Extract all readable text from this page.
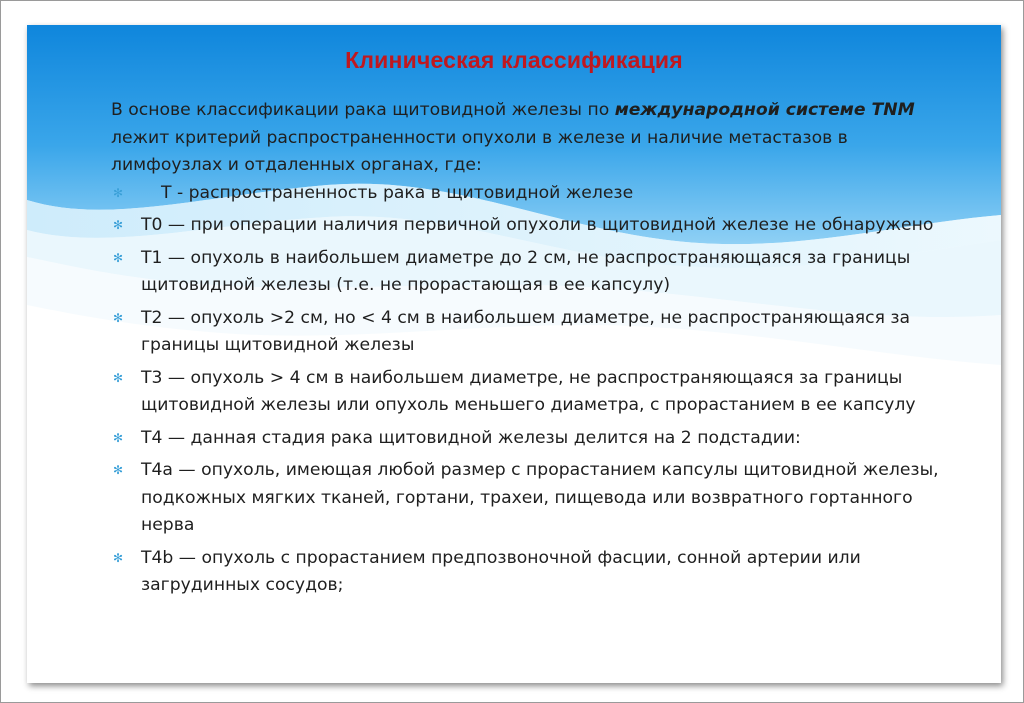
Клиническая классификация

В основе классификации рака щитовидной железы по международной системе TNM лежит критерий распространенности опухоли в железе и наличие метастазов в лимфоузлах и отдаленных органах, где:

✻ T - распространенность рака в щитовидной железе
✻ Т0 — при операции наличия первичной опухоли в щитовидной железе не обнаружено
✻ Т1 — опухоль в наибольшем диаметре до 2 см, не распространяющаяся за границы щитовидной железы (т.е. не прорастающая в ее капсулу)
✻ Т2 — опухоль >2 см, но < 4 см в наибольшем диаметре, не распространяющаяся за границы щитовидной железы
✻ Т3 — опухоль > 4 см в наибольшем диаметре, не распространяющаяся за границы щитовидной железы или опухоль меньшего диаметра, с прорастанием в ее капсулу
✻ Т4 — данная стадия рака щитовидной железы делится на 2 подстадии:
✻ Т4а — опухоль, имеющая любой размер с прорастанием капсулы щитовидной железы, подкожных мягких тканей, гортани, трахеи, пищевода или возвратного гортанного нерва
✻ Т4b — опухоль с прорастанием предпозвоночной фасции, сонной артерии или загрудинных сосудов;
